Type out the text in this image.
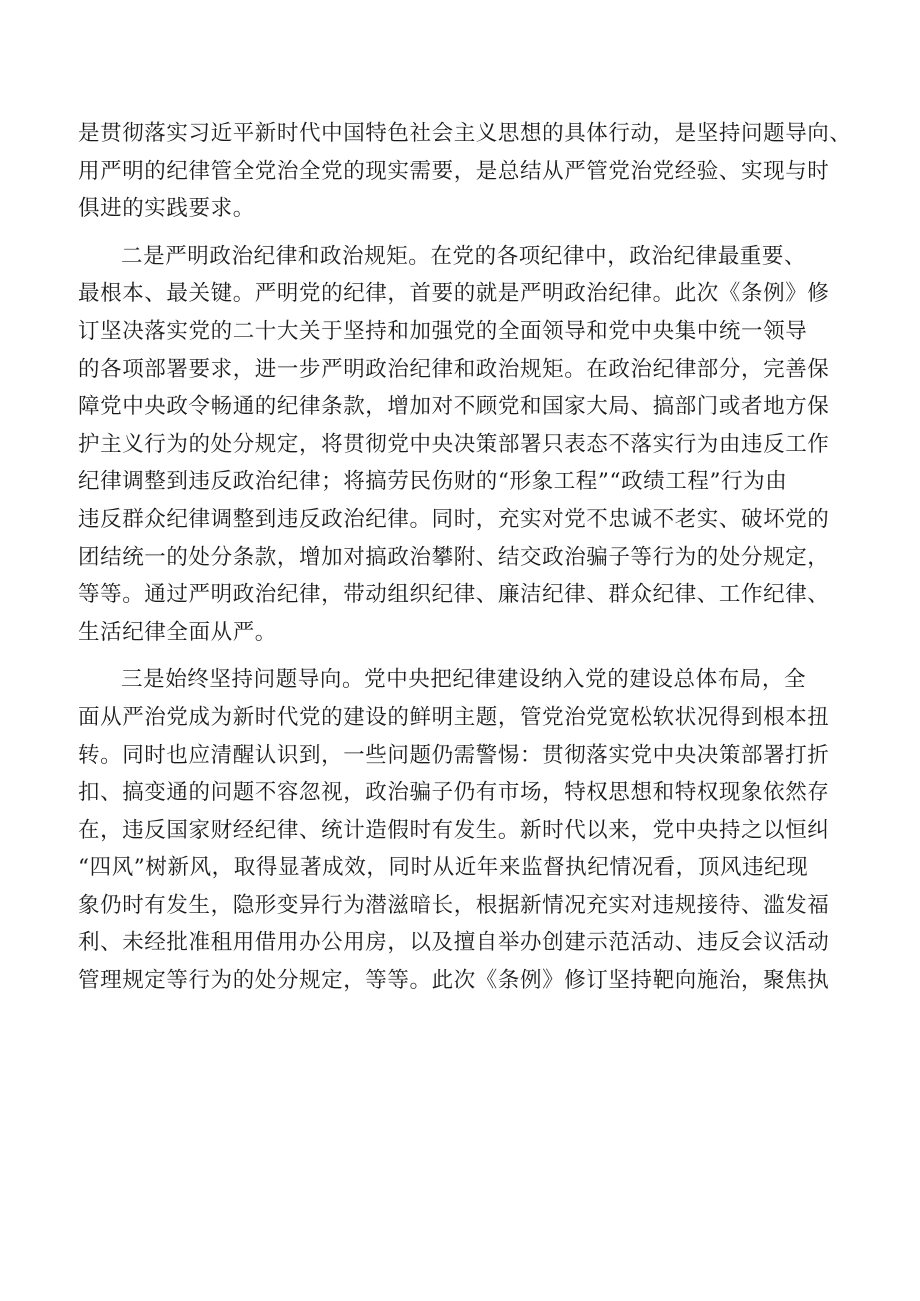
是贯彻落实习近平新时代中国特色社会主义思想的具体行动，是坚持问题导向、
用严明的纪律管全党治全党的现实需要，是总结从严管党治党经验、实现与时
俱进的实践要求。
二是严明政治纪律和政治规矩。在党的各项纪律中，政治纪律最重要、
最根本、最关键。严明党的纪律，首要的就是严明政治纪律。此次《条例》修
订坚决落实党的二十大关于坚持和加强党的全面领导和党中央集中统一领导
的各项部署要求，进一步严明政治纪律和政治规矩。在政治纪律部分，完善保
障党中央政令畅通的纪律条款，增加对不顾党和国家大局、搞部门或者地方保
护主义行为的处分规定，将贯彻党中央决策部署只表态不落实行为由违反工作
纪律调整到违反政治纪律；将搞劳民伤财的“形象工程”“政绩工程”行为由
违反群众纪律调整到违反政治纪律。同时，充实对党不忠诚不老实、破坏党的
团结统一的处分条款，增加对搞政治攀附、结交政治骗子等行为的处分规定，
等等。通过严明政治纪律，带动组织纪律、廉洁纪律、群众纪律、工作纪律、
生活纪律全面从严。
三是始终坚持问题导向。党中央把纪律建设纳入党的建设总体布局，全
面从严治党成为新时代党的建设的鲜明主题，管党治党宽松软状况得到根本扭
转。同时也应清醒认识到，一些问题仍需警惕：贯彻落实党中央决策部署打折
扣、搞变通的问题不容忽视，政治骗子仍有市场，特权思想和特权现象依然存
在，违反国家财经纪律、统计造假时有发生。新时代以来，党中央持之以恒纠
“四风”树新风，取得显著成效，同时从近年来监督执纪情况看，顶风违纪现
象仍时有发生，隐形变异行为潜滋暗长，根据新情况充实对违规接待、滥发福
利、未经批准租用借用办公用房，以及擅自举办创建示范活动、违反会议活动
管理规定等行为的处分规定，等等。此次《条例》修订坚持靶向施治，聚焦执
